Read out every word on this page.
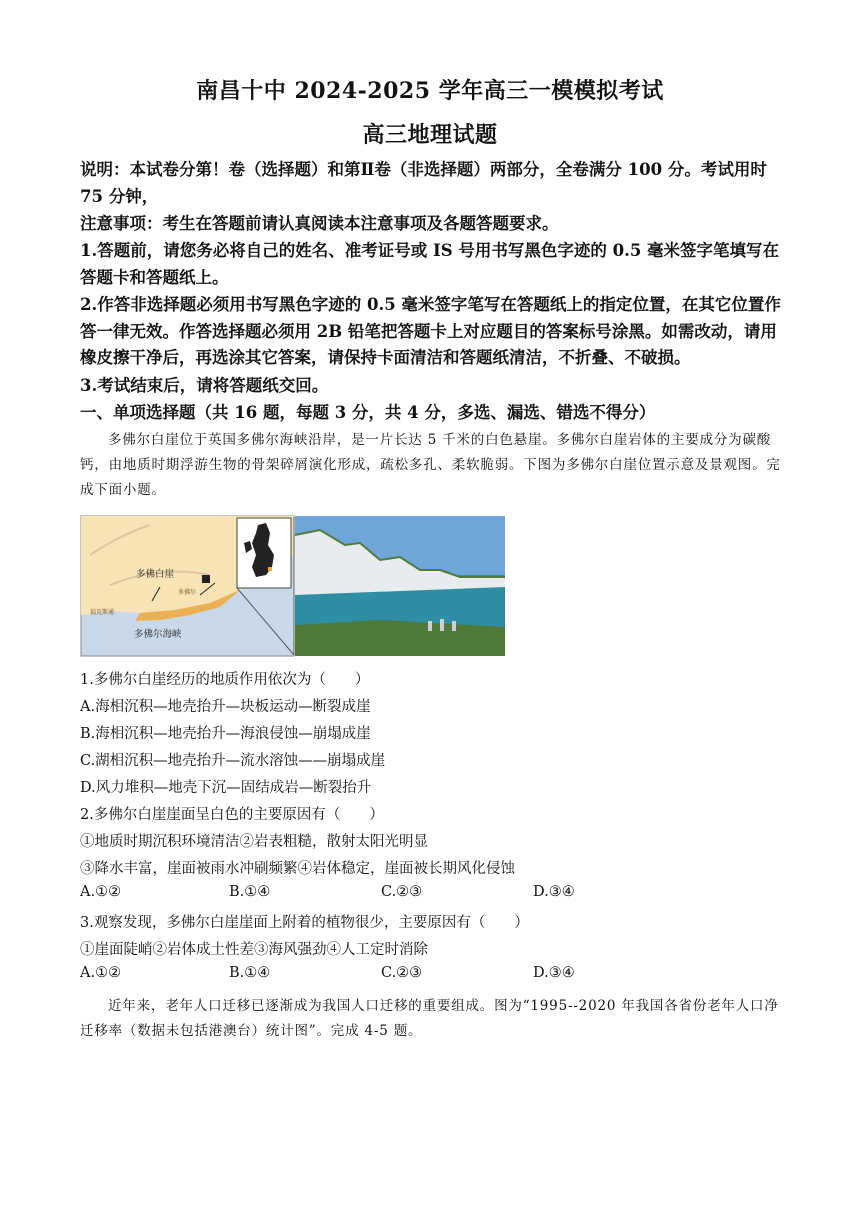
南昌十中 2024-2025 学年高三一模模拟考试
高三地理试题
说明：本试卷分第！卷（选择题）和第Ⅱ卷（非选择题）两部分，全卷满分 100 分。考试用时 75 分钟，
注意事项：考生在答题前请认真阅读本注意事项及各题答题要求。
1.答题前，请您务必将自己的姓名、准考证号或 IS 号用书写黑色字迹的 0.5 毫米签字笔填写在答题卡和答题纸上。
2.作答非选择题必须用书写黑色字迹的 0.5 毫米签字笔写在答题纸上的指定位置，在其它位置作答一律无效。作答选择题必须用 2B 铅笔把答题卡上对应题目的答案标号涂黑。如需改动，请用橡皮擦干净后，再选涂其它答案，请保持卡面清洁和答题纸清洁，不折叠、不破损。
3.考试结束后，请将答题纸交回。
一、单项选择题（共 16 题，每题 3 分，共 4 分，多选、漏选、错选不得分）
多佛尔白崖位于英国多佛尔海峡沿岸，是一片长达 5 千米的白色悬崖。多佛尔白崖岩体的主要成分为碳酸钙，由地质时期浮游生物的骨架碎屑演化形成，疏松多孔、柔软脆弱。下图为多佛尔白崖位置示意及景观图。完成下面小题。
多佛白崖
多佛尔海峡
福克斯通
多佛尔
1.多佛尔白崖经历的地质作用依次为（　　）
A.海相沉积—地壳抬升—块板运动—断裂成崖
B.海相沉积—地壳抬升—海浪侵蚀—崩塌成崖
C.湖相沉积—地壳抬升—流水溶蚀——崩塌成崖
D.风力堆积—地壳下沉—固结成岩—断裂抬升
2.多佛尔白崖崖面呈白色的主要原因有（　　）
①地质时期沉积环境清洁②岩表粗糙，散射太阳光明显
③降水丰富，崖面被雨水冲刷频繁④岩体稳定，崖面被长期风化侵蚀
A.①②	B.①④	C.②③	D.③④
3.观察发现，多佛尔白崖崖面上附着的植物很少，主要原因有（　　）
①崖面陡峭②岩体成土性差③海风强劲④人工定时消除
A.①②	B.①④	C.②③	D.③④
近年来，老年人口迁移已逐渐成为我国人口迁移的重要组成。图为“1995--2020 年我国各省份老年人口净迁移率（数据未包括港澳台）统计图”。完成 4-5 题。
